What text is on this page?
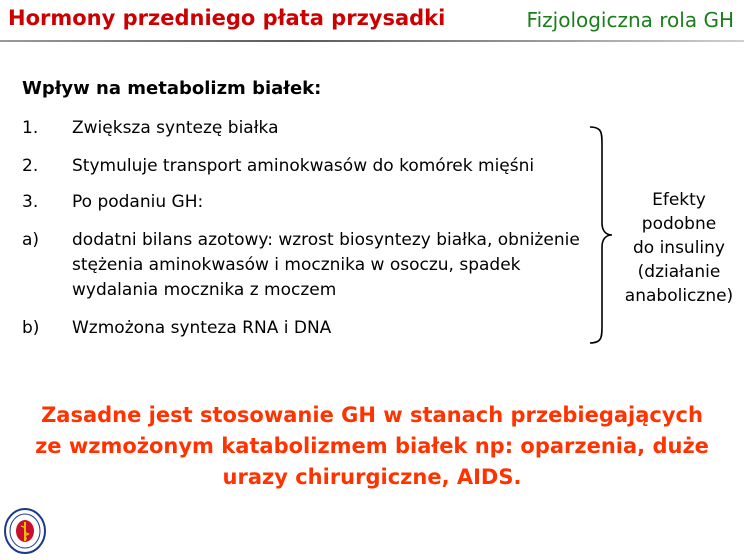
Hormony przedniego płata przysadki	Fizjologiczna rola GH
Wpływ na metabolizm białek:
1. Zwiększa syntezę białka
2. Stymuluje transport aminokwasów do komórek mięśni
3. Po podaniu GH:
a) dodatni bilans azotowy: wzrost biosyntezy białka, obniżenie
stężenia aminokwasów i mocznika w osoczu, spadek
wydalania mocznika z moczem
b) Wzmożona synteza RNA i DNA
Efekty
podobne
do insuliny
(działanie
anaboliczne)
Zasadne jest stosowanie GH w stanach przebiegających
ze wzmożonym katabolizmem białek np: oparzenia, duże
urazy chirurgiczne, AIDS.
